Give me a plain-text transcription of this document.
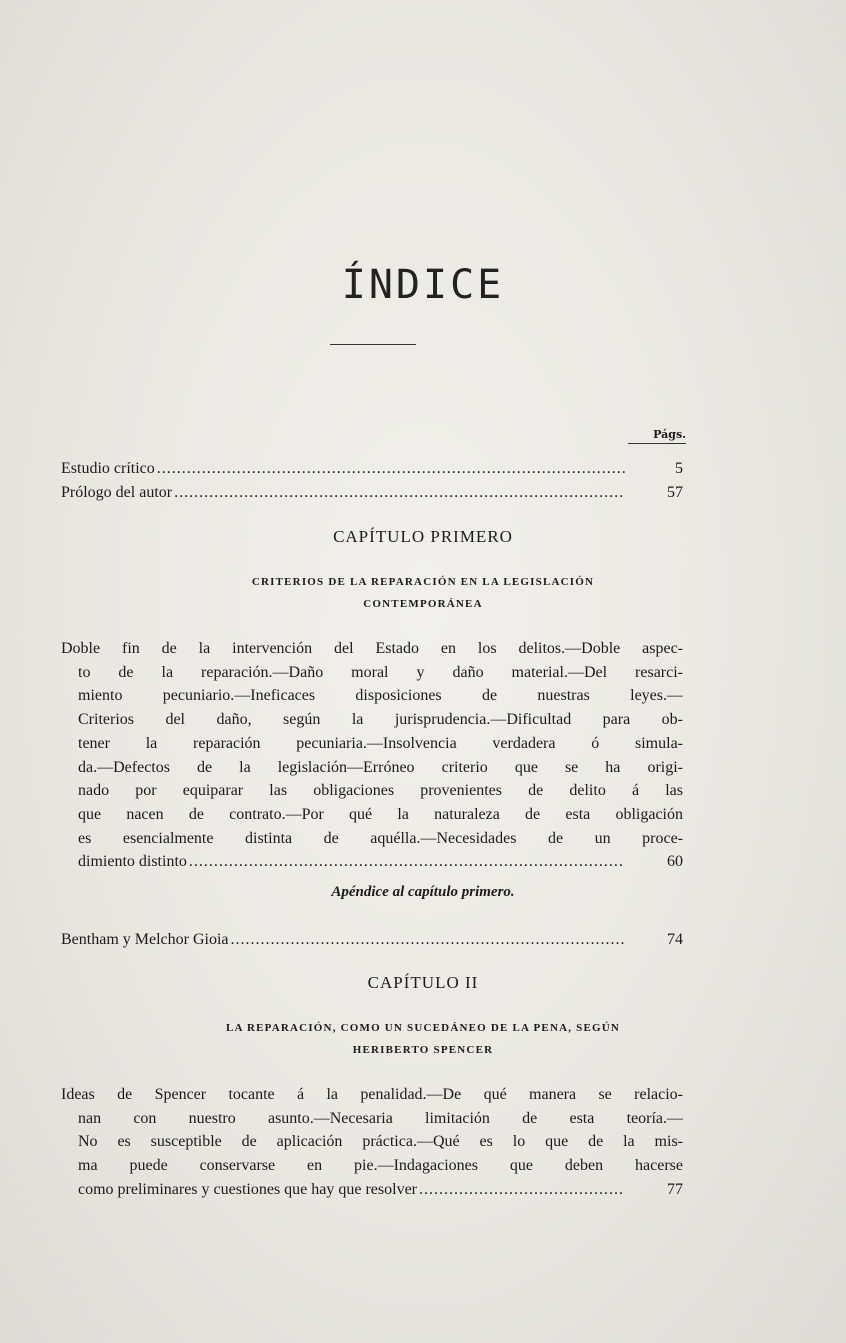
ÍNDICE
Págs.
Estudio crítico .....	5
Prólogo del autor .....	57
CAPÍTULO PRIMERO
CRITERIOS DE LA REPARACIÓN EN LA LEGISLACIÓN
CONTEMPORÁNEA
Doble fin de la intervención del Estado en los delitos.—Doble aspec-
to de la reparación.—Daño moral y daño material.—Del resarci-
miento pecuniario.—Ineficaces disposiciones de nuestras leyes.—
Criterios del daño, según la jurisprudencia.—Dificultad para ob-
tener la reparación pecuniaria.—Insolvencia verdadera ó simula-
da.—Defectos de la legislación—Erróneo criterio que se ha origi-
nado por equiparar las obligaciones provenientes de delito á las
que nacen de contrato.—Por qué la naturaleza de esta obligación
es esencialmente distinta de aquélla.—Necesidades de un proce-
dimiento distinto .....	60
Apéndice al capítulo primero.
Bentham y Melchor Gioia .....	74
CAPÍTULO II
LA REPARACIÓN, COMO UN SUCEDÁNEO DE LA PENA, SEGÚN
HERIBERTO SPENCER
Ideas de Spencer tocante á la penalidad.—De qué manera se relacio-
nan con nuestro asunto.—Necesaria limitación de esta teoría.—
No es susceptible de aplicación práctica.—Qué es lo que de la mis-
ma puede conservarse en pie.—Indagaciones que deben hacerse
como preliminares y cuestiones que hay que resolver .....	77
